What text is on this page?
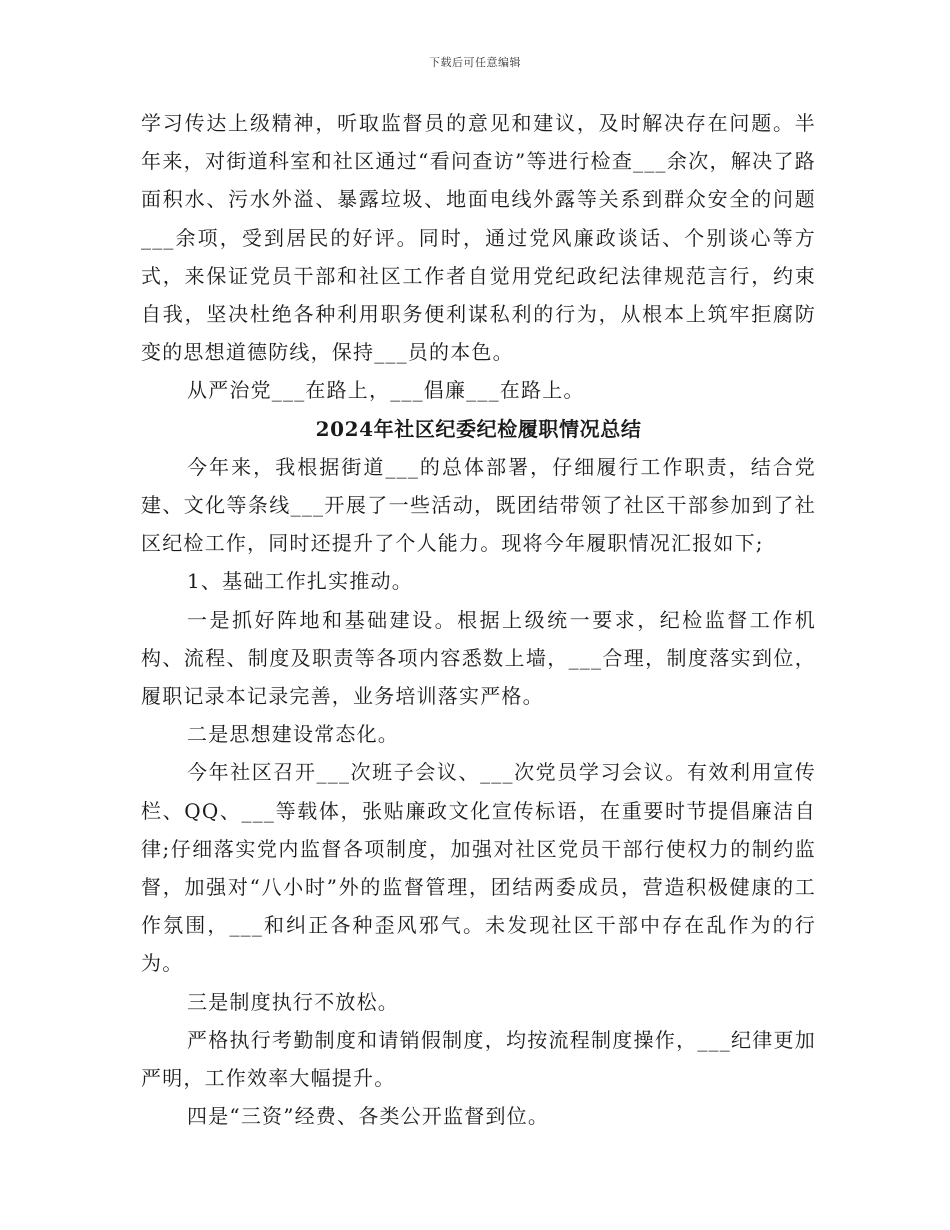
下载后可任意编辑

学习传达上级精神，听取监督员的意见和建议，及时解决存在问题。半年来，对街道科室和社区通过“看问查访”等进行检查___余次，解决了路面积水、污水外溢、暴露垃圾、地面电线外露等关系到群众安全的问题___余项，受到居民的好评。同时，通过党风廉政谈话、个别谈心等方式，来保证党员干部和社区工作者自觉用党纪政纪法律规范言行，约束自我，坚决杜绝各种利用职务便利谋私利的行为，从根本上筑牢拒腐防变的思想道德防线，保持___员的本色。

从严治党___在路上，___倡廉___在路上。

2024年社区纪委纪检履职情况总结

今年来，我根据街道___的总体部署，仔细履行工作职责，结合党建、文化等条线___开展了一些活动，既团结带领了社区干部参加到了社区纪检工作，同时还提升了个人能力。现将今年履职情况汇报如下;

1、基础工作扎实推动。

一是抓好阵地和基础建设。根据上级统一要求，纪检监督工作机构、流程、制度及职责等各项内容悉数上墙，___合理，制度落实到位，履职记录本记录完善，业务培训落实严格。

二是思想建设常态化。

今年社区召开___次班子会议、___次党员学习会议。有效利用宣传栏、QQ、___等载体，张贴廉政文化宣传标语，在重要时节提倡廉洁自律;仔细落实党内监督各项制度，加强对社区党员干部行使权力的制约监督，加强对“八小时”外的监督管理，团结两委成员，营造积极健康的工作氛围，___和纠正各种歪风邪气。未发现社区干部中存在乱作为的行为。

三是制度执行不放松。

严格执行考勤制度和请销假制度，均按流程制度操作，___纪律更加严明，工作效率大幅提升。

四是“三资”经费、各类公开监督到位。
